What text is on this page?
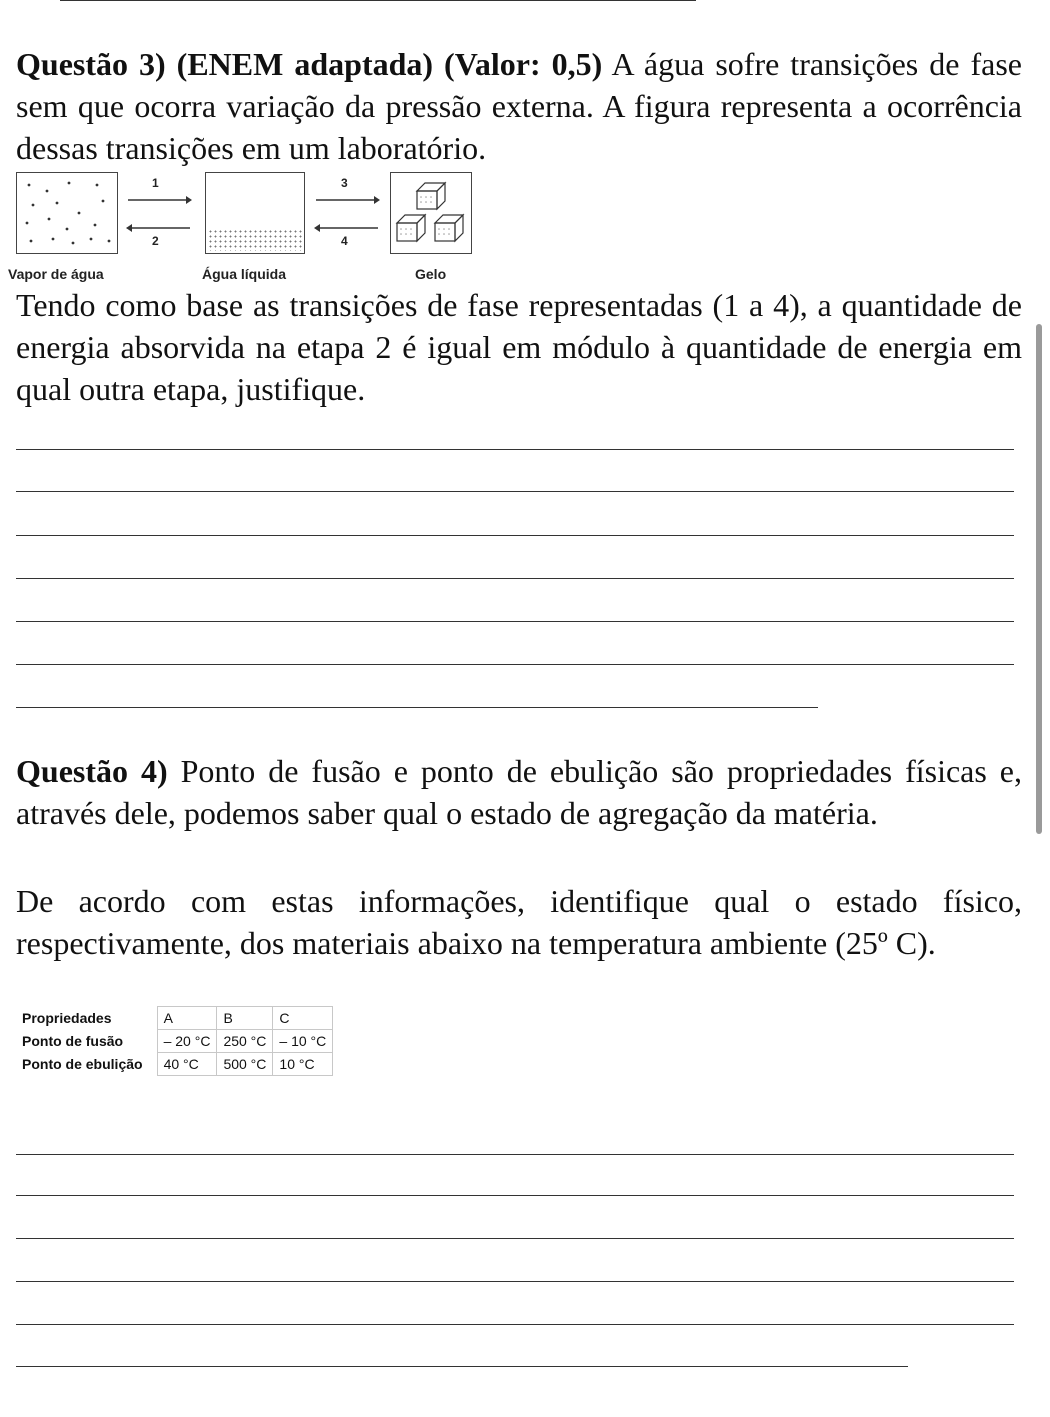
Questão 3) (ENEM adaptada) (Valor: 0,5) A água sofre transições de fase sem que ocorra variação da pressão externa. A figura representa a ocorrência dessas transições em um laboratório.

1
2
3
4
Vapor de água	Água líquida	Gelo

Tendo como base as transições de fase representadas (1 a 4), a quantidade de energia absorvida na etapa 2 é igual em módulo à quantidade de energia em qual outra etapa, justifique.

Questão 4) Ponto de fusão e ponto de ebulição são propriedades físicas e, através dele, podemos saber qual o estado de agregação da matéria.

De acordo com estas informações, identifique qual o estado físico, respectivamente, dos materiais abaixo na temperatura ambiente (25º C).

Propriedades	A	B	C
Ponto de fusão	– 20 °C	250 °C	– 10 °C
Ponto de ebulição	40 °C	500 °C	10 °C
